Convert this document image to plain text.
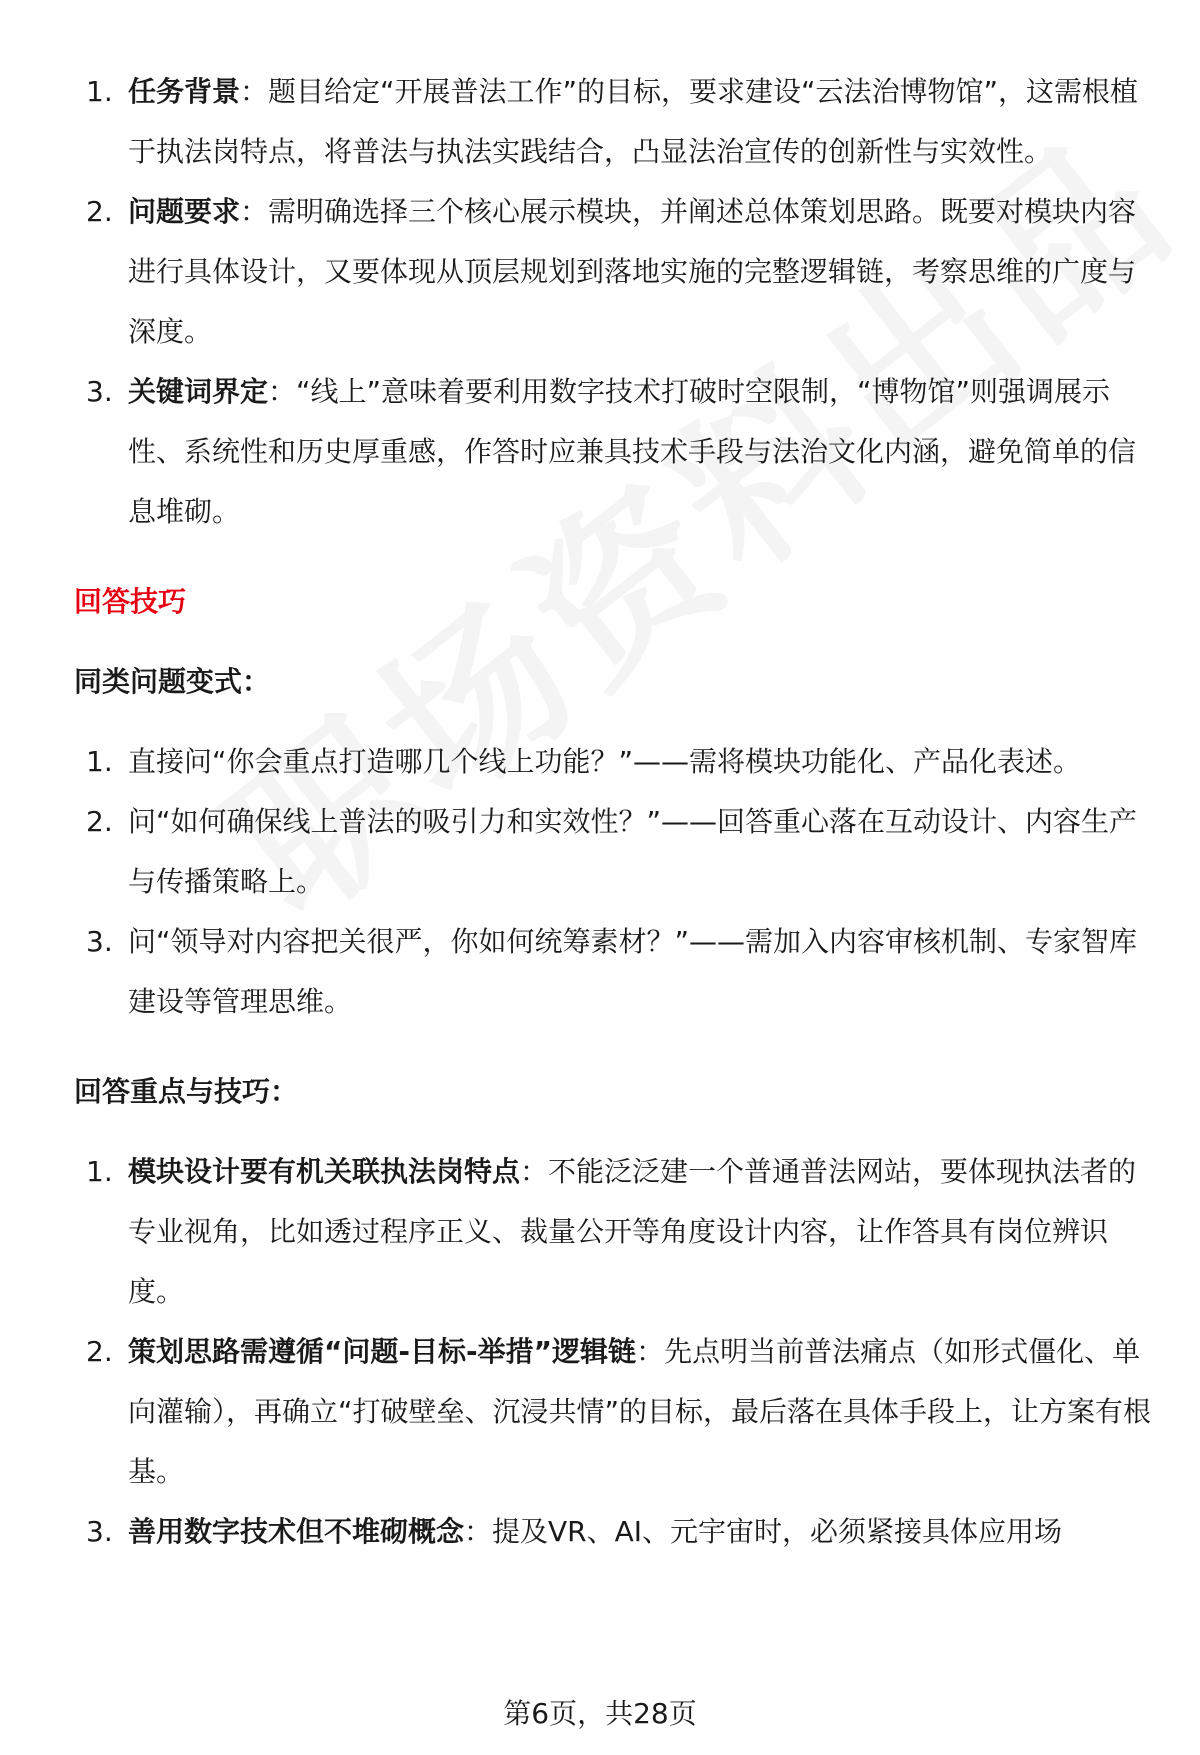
1. 任务背景：题目给定“开展普法工作”的目标，要求建设“云法治博物馆”，这需根植于执法岗特点，将普法与执法实践结合，凸显法治宣传的创新性与实效性。
2. 问题要求：需明确选择三个核心展示模块，并阐述总体策划思路。既要对模块内容进行具体设计，又要体现从顶层规划到落地实施的完整逻辑链，考察思维的广度与深度。
3. 关键词界定：“线上”意味着要利用数字技术打破时空限制，“博物馆”则强调展示性、系统性和历史厚重感，作答时应兼具技术手段与法治文化内涵，避免简单的信息堆砌。
回答技巧
同类问题变式：
1. 直接问“你会重点打造哪几个线上功能？”——需将模块功能化、产品化表述。
2. 问“如何确保线上普法的吸引力和实效性？”——回答重心落在互动设计、内容生产与传播策略上。
3. 问“领导对内容把关很严，你如何统筹素材？”——需加入内容审核机制、专家智库建设等管理思维。
回答重点与技巧：
1. 模块设计要有机关联执法岗特点：不能泛泛建一个普通普法网站，要体现执法者的专业视角，比如透过程序正义、裁量公开等角度设计内容，让作答具有岗位辨识度。
2. 策划思路需遵循“问题-目标-举措”逻辑链：先点明当前普法痛点（如形式僵化、单向灌输），再确立“打破壁垒、沉浸共情”的目标，最后落在具体手段上，让方案有根基。
3. 善用数字技术但不堆砌概念：提及VR、AI、元宇宙时，必须紧接具体应用场
第6页，共28页
